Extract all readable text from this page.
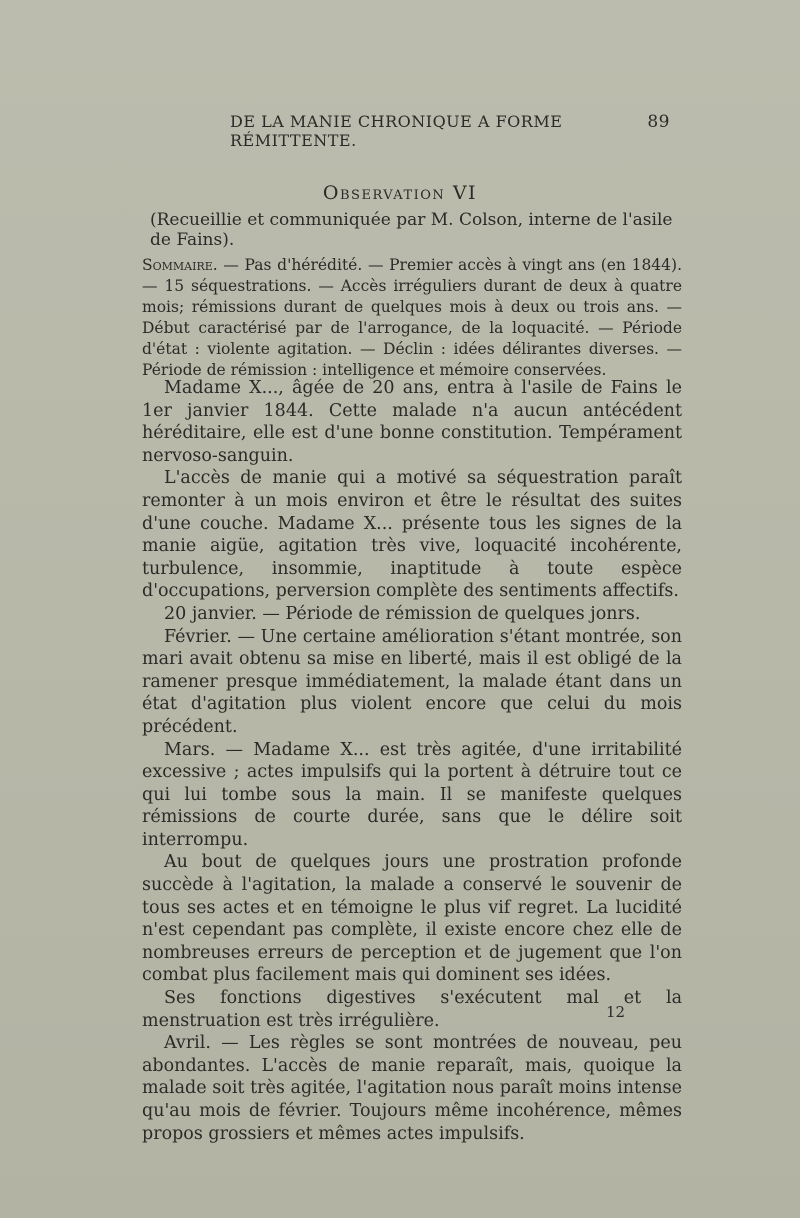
DE LA MANIE CHRONIQUE A FORME RÉMITTENTE.
89
Observation VI
(Recueillie et communiquée par M. Colson, interne de l'asile de Fains).
Sommaire. — Pas d'hérédité. — Premier accès à vingt ans (en 1844). — 15 séquestrations. — Accès irréguliers durant de deux à quatre mois; rémissions durant de quelques mois à deux ou trois ans. — Début caractérisé par de l'arrogance, de la loquacité. — Période d'état : violente agitation. — Déclin : idées délirantes diverses. — Période de rémission : intelligence et mémoire conservées.

Madame X..., âgée de 20 ans, entra à l'asile de Fains le 1er janvier 1844. Cette malade n'a aucun antécédent héréditaire, elle est d'une bonne constitution. Tempérament nervoso-sanguin.

L'accès de manie qui a motivé sa séquestration paraît remonter à un mois environ et être le résultat des suites d'une couche. Madame X... présente tous les signes de la manie aigüe, agitation très vive, loquacité incohérente, turbulence, insommie, inaptitude à toute espèce d'occupations, perversion complète des sentiments affectifs.

20 janvier. — Période de rémission de quelques jonrs.

Février. — Une certaine amélioration s'étant montrée, son mari avait obtenu sa mise en liberté, mais il est obligé de la ramener presque immédiatement, la malade étant dans un état d'agitation plus violent encore que celui du mois précédent.

Mars. — Madame X... est très agitée, d'une irritabilité excessive ; actes impulsifs qui la portent à détruire tout ce qui lui tombe sous la main. Il se manifeste quelques rémissions de courte durée, sans que le délire soit interrompu.

Au bout de quelques jours une prostration profonde succède à l'agitation, la malade a conservé le souvenir de tous ses actes et en témoigne le plus vif regret. La lucidité n'est cependant pas complète, il existe encore chez elle de nombreuses erreurs de perception et de jugement que l'on combat plus facilement mais qui dominent ses idées.

Ses fonctions digestives s'exécutent mal et la menstruation est très irrégulière.

Avril. — Les règles se sont montrées de nouveau, peu abondantes. L'accès de manie reparaît, mais, quoique la malade soit très agitée, l'agitation nous paraît moins intense qu'au mois de février. Toujours même incohérence, mêmes propos grossiers et mêmes actes impulsifs.

12
